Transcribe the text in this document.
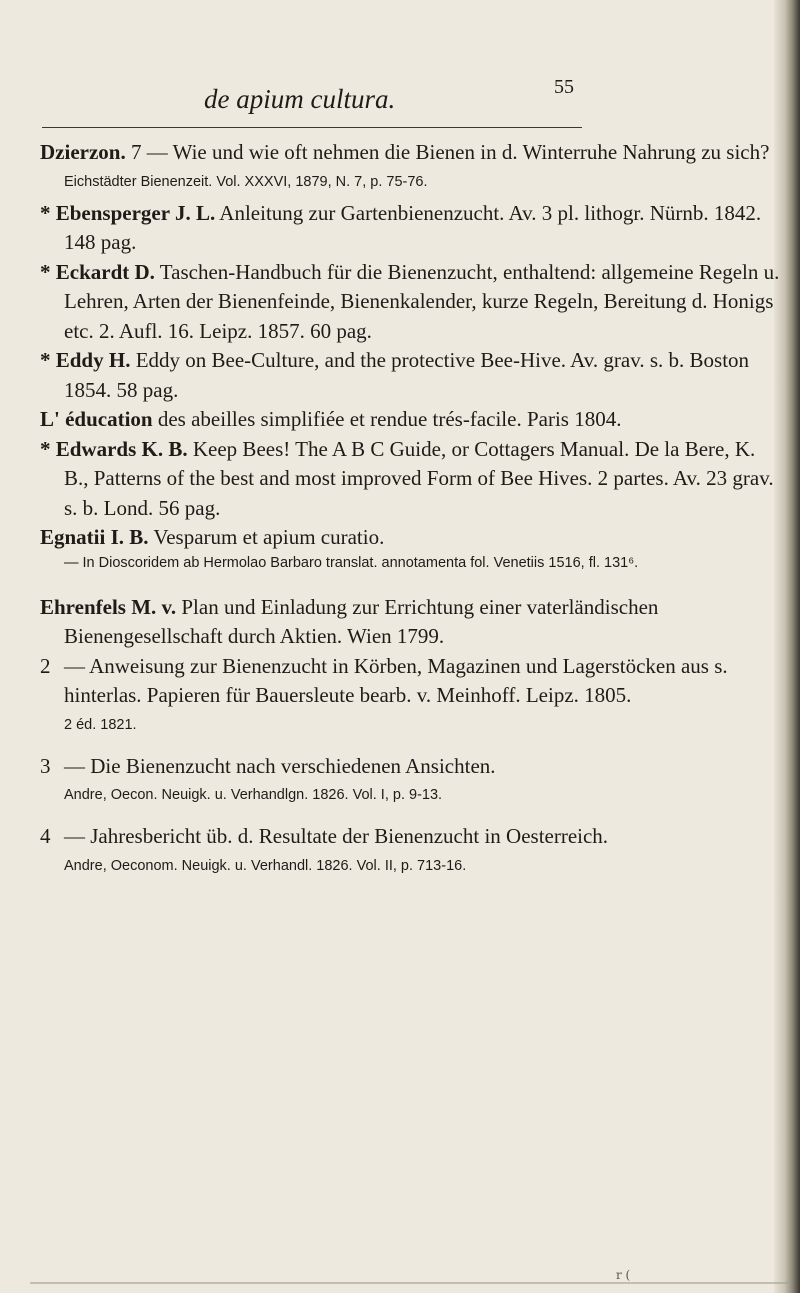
de apium cultura.	55

Dzierzon. 7 — Wie und wie oft nehmen die Bienen in d. Winterruhe Nahrung zu sich?

Eichstädter Bienenzeit. Vol. XXXVI, 1879, N. 7, p. 75-76.

* Ebensperger J. L. Anleitung zur Gartenbienenzucht. Av. 3 pl. lithogr. Nürnb. 1842. 148 pag.

* Eckardt D. Taschen-Handbuch für die Bienenzucht, enthaltend: allgemeine Regeln u. Lehren, Arten der Bienenfeinde, Bienenkalender, kurze Regeln, Bereitung d. Honigs etc. 2. Aufl. 16. Leipz. 1857. 60 pag.

* Eddy H. Eddy on Bee-Culture, and the protective Bee-Hive. Av. grav. s. b. Boston 1854. 58 pag.

L' éducation des abeilles simplifiée et rendue trés-facile. Paris 1804.

* Edwards K. B. Keep Bees! The A B C Guide, or Cottagers Manual. De la Bere, K. B., Patterns of the best and most improved Form of Bee Hives. 2 partes. Av. 23 grav. s. b. Lond. 56 pag.

Egnatii I. B. Vesparum et apium curatio.

— In Dioscoridem ab Hermolao Barbaro translat. annotamenta fol. Venetiis 1516, fl. 131⁶.

Ehrenfels M. v. Plan und Einladung zur Errichtung einer vaterländischen Bienengesellschaft durch Aktien. Wien 1799.

2 — Anweisung zur Bienenzucht in Körben, Magazinen und Lagerstöcken aus s. hinterlas. Papieren für Bauersleute bearb. v. Meinhoff. Leipz. 1805.

2 éd. 1821.

3 — Die Bienenzucht nach verschiedenen Ansichten.

Andre, Oecon. Neuigk. u. Verhandlgn. 1826. Vol. I, p. 9-13.

4 — Jahresbericht üb. d. Resultate der Bienenzucht in Oesterreich.

Andre, Oeconom. Neuigk. u. Verhandl. 1826. Vol. II, p. 713-16.

r (
